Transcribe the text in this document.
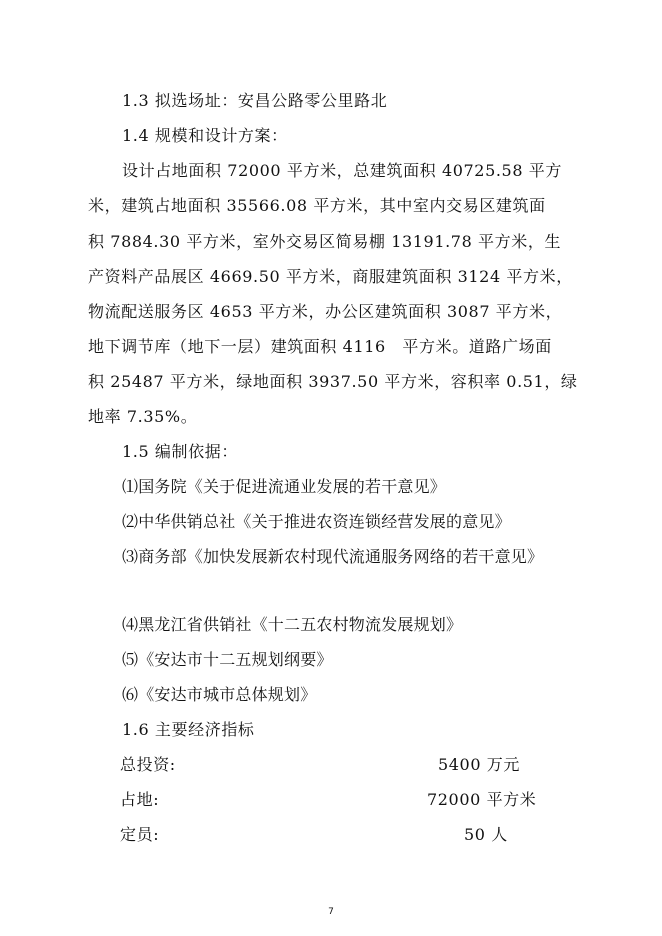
1.3 拟选场址：安昌公路零公里路北
1.4 规模和设计方案：
设计占地面积 72000 平方米，总建筑面积 40725.58 平方
米，建筑占地面积 35566.08 平方米，其中室内交易区建筑面
积 7884.30 平方米，室外交易区简易棚 13191.78 平方米，生
产资料产品展区 4669.50 平方米，商服建筑面积 3124 平方米，
物流配送服务区 4653 平方米，办公区建筑面积 3087 平方米，
地下调节库（地下一层）建筑面积 4116　平方米。道路广场面
积 25487 平方米，绿地面积 3937.50 平方米，容积率 0.51，绿
地率 7.35%。
1.5 编制依据：
⑴国务院《关于促进流通业发展的若干意见》
⑵中华供销总社《关于推进农资连锁经营发展的意见》
⑶商务部《加快发展新农村现代流通服务网络的若干意见》
⑷黑龙江省供销社《十二五农村物流发展规划》
⑸《安达市十二五规划纲要》
⑹《安达市城市总体规划》
1.6 主要经济指标
总投资:	5400 万元
占地:	72000 平方米
定员:	50 人
7
